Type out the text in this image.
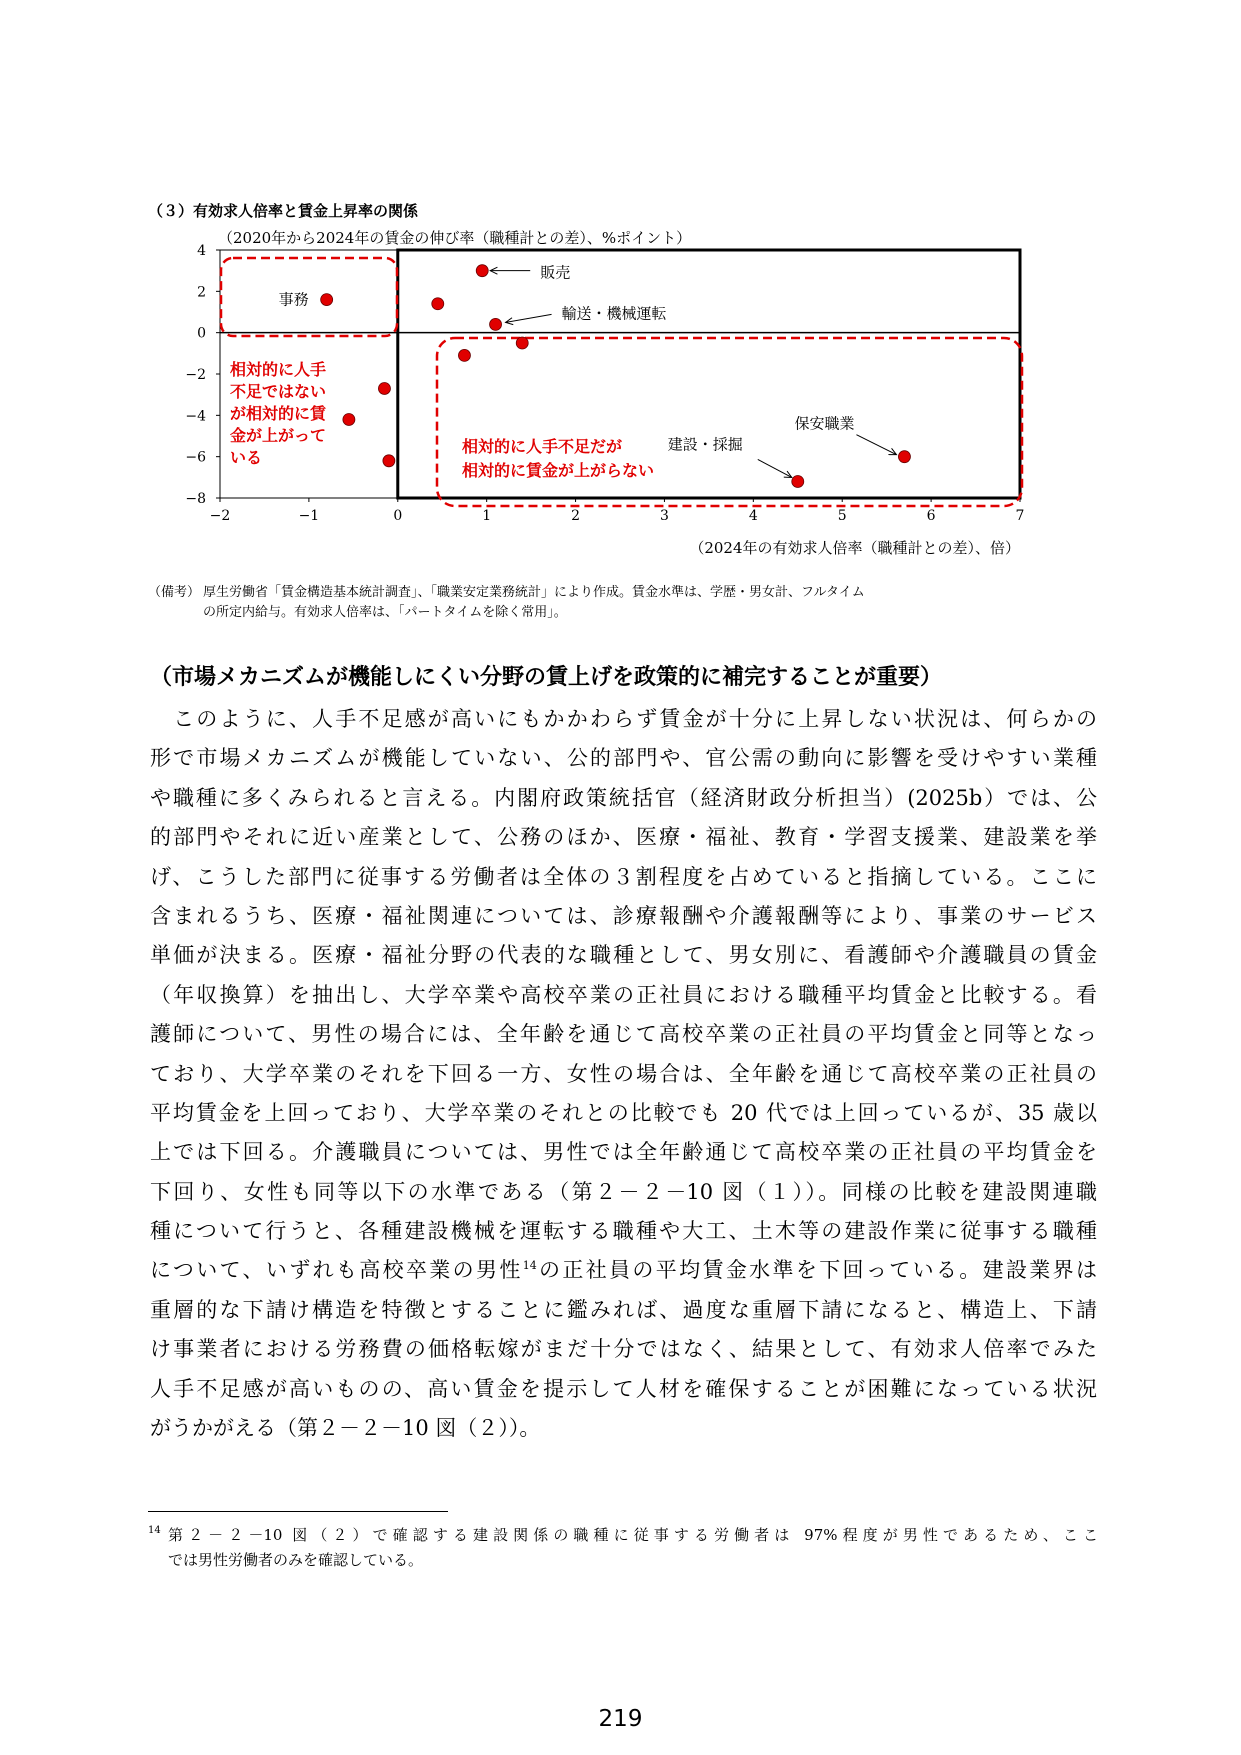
（３）有効求人倍率と賃金上昇率の関係
4
2
0
−2
−4
−6
−8
−2	−1	0	1	2	3	4	5	6	7
（2020年から2024年の賃金の伸び率（職種計との差）、%ポイント）
（2024年の有効求人倍率（職種計との差）、倍）
相対的に人手不足ではないが相対的に賃金が上がっている
相対的に人手不足だが相対的に賃金が上がらない
事務
販売
輸送・機械運転
建設・採掘
保安職業
（備考） 厚生労働省「賃金構造基本統計調査」、「職業安定業務統計」により作成。賃金水準は、学歴・男女計、フルタイム
の所定内給与。有効求人倍率は、「パートタイムを除く常用」。
（市場メカニズムが機能しにくい分野の賃上げを政策的に補完することが重要）
　このように、人手不足感が高いにもかかわらず賃金が十分に上昇しない状況は、何らかの
形で市場メカニズムが機能していない、公的部門や、官公需の動向に影響を受けやすい業種
や職種に多くみられると言える。内閣府政策統括官（経済財政分析担当）(2025b）では、公
的部門やそれに近い産業として、公務のほか、医療・福祉、教育・学習支援業、建設業を挙
げ、こうした部門に従事する労働者は全体の３割程度を占めていると指摘している。ここに
含まれるうち、医療・福祉関連については、診療報酬や介護報酬等により、事業のサービス
単価が決まる。医療・福祉分野の代表的な職種として、男女別に、看護師や介護職員の賃金
（年収換算）を抽出し、大学卒業や高校卒業の正社員における職種平均賃金と比較する。看
護師について、男性の場合には、全年齢を通じて高校卒業の正社員の平均賃金と同等となっ
ており、大学卒業のそれを下回る一方、女性の場合は、全年齢を通じて高校卒業の正社員の
平均賃金を上回っており、大学卒業のそれとの比較でも 20 代では上回っているが、35 歳以
上では下回る。介護職員については、男性では全年齢通じて高校卒業の正社員の平均賃金を
下回り、女性も同等以下の水準である（第２－２－10 図（１））。同様の比較を建設関連職
種について行うと、各種建設機械を運転する職種や大工、土木等の建設作業に従事する職種
について、いずれも高校卒業の男性$^{14}$の正社員の平均賃金水準を下回っている。建設業界は
重層的な下請け構造を特徴とすることに鑑みれば、過度な重層下請になると、構造上、下請
け事業者における労務費の価格転嫁がまだ十分ではなく、結果として、有効求人倍率でみた
人手不足感が高いものの、高い賃金を提示して人材を確保することが困難になっている状況
がうかがえる（第２－２－10 図（２））。
14 第２－２－10 図（２）で確認する建設関係の職種に従事する労働者は 97%程度が男性であるため、ここ
では男性労働者のみを確認している。
219
